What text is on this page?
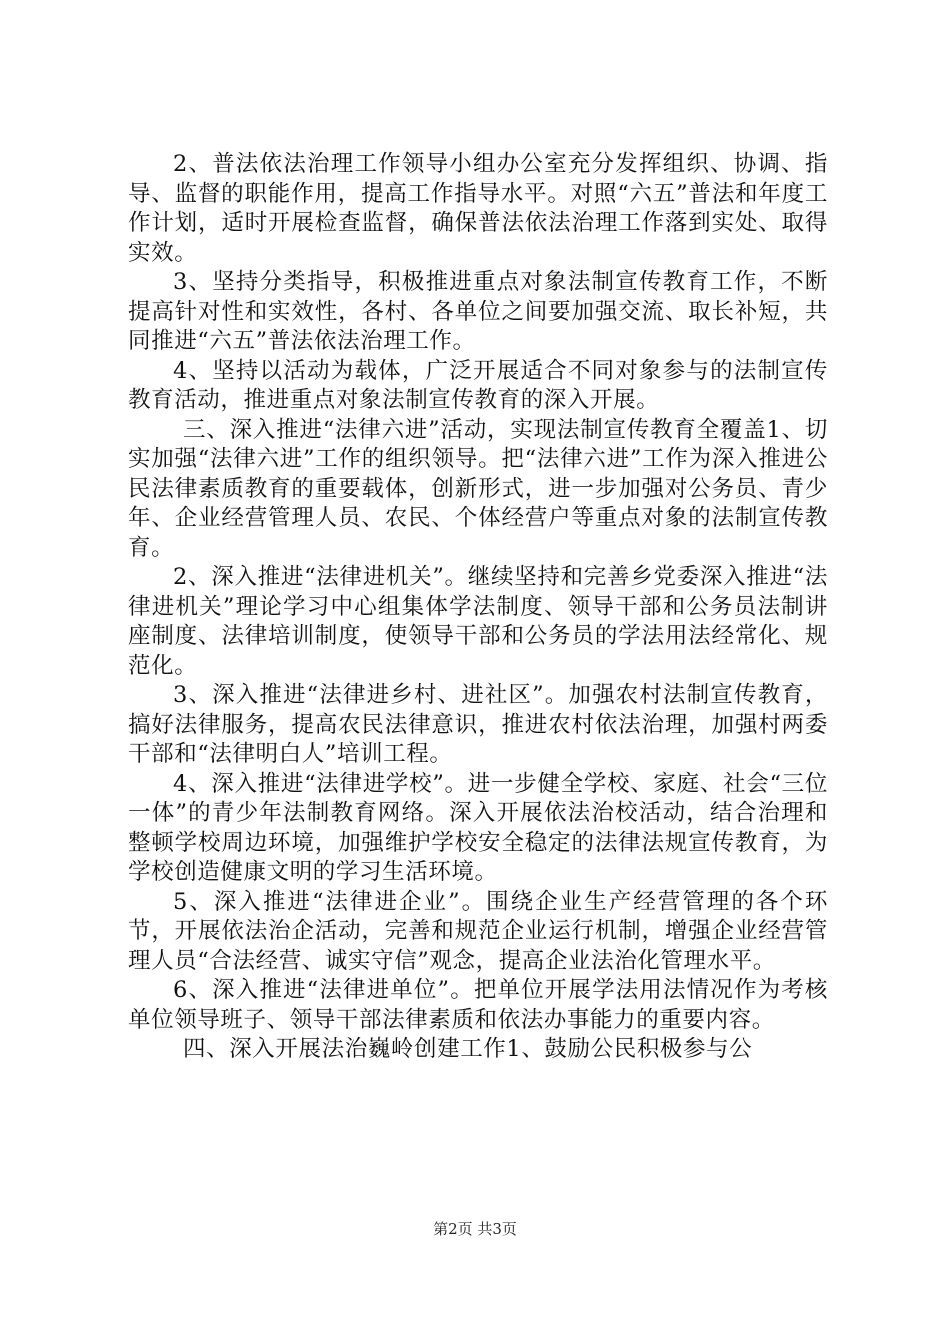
2、普法依法治理工作领导小组办公室充分发挥组织、协调、指导、监督的职能作用，提高工作指导水平。对照“六五”普法和年度工作计划，适时开展检查监督，确保普法依法治理工作落到实处、取得实效。

3、坚持分类指导，积极推进重点对象法制宣传教育工作，不断提高针对性和实效性，各村、各单位之间要加强交流、取长补短，共同推进“六五”普法依法治理工作。

4、坚持以活动为载体，广泛开展适合不同对象参与的法制宣传教育活动，推进重点对象法制宣传教育的深入开展。

三、深入推进“法律六进”活动，实现法制宣传教育全覆盖1、切实加强“法律六进”工作的组织领导。把“法律六进”工作为深入推进公民法律素质教育的重要载体，创新形式，进一步加强对公务员、青少年、企业经营管理人员、农民、个体经营户等重点对象的法制宣传教育。

2、深入推进“法律进机关”。继续坚持和完善乡党委深入推进“法律进机关”理论学习中心组集体学法制度、领导干部和公务员法制讲座制度、法律培训制度，使领导干部和公务员的学法用法经常化、规范化。

3、深入推进“法律进乡村、进社区”。加强农村法制宣传教育，搞好法律服务，提高农民法律意识，推进农村依法治理，加强村两委干部和“法律明白人”培训工程。

4、深入推进“法律进学校”。进一步健全学校、家庭、社会“三位一体”的青少年法制教育网络。深入开展依法治校活动，结合治理和整顿学校周边环境，加强维护学校安全稳定的法律法规宣传教育，为学校创造健康文明的学习生活环境。

5、深入推进“法律进企业”。围绕企业生产经营管理的各个环节，开展依法治企活动，完善和规范企业运行机制，增强企业经营管理人员“合法经营、诚实守信”观念，提高企业法治化管理水平。

6、深入推进“法律进单位”。把单位开展学法用法情况作为考核单位领导班子、领导干部法律素质和依法办事能力的重要内容。

四、深入开展法治巍岭创建工作1、鼓励公民积极参与公

第2页 共3页
